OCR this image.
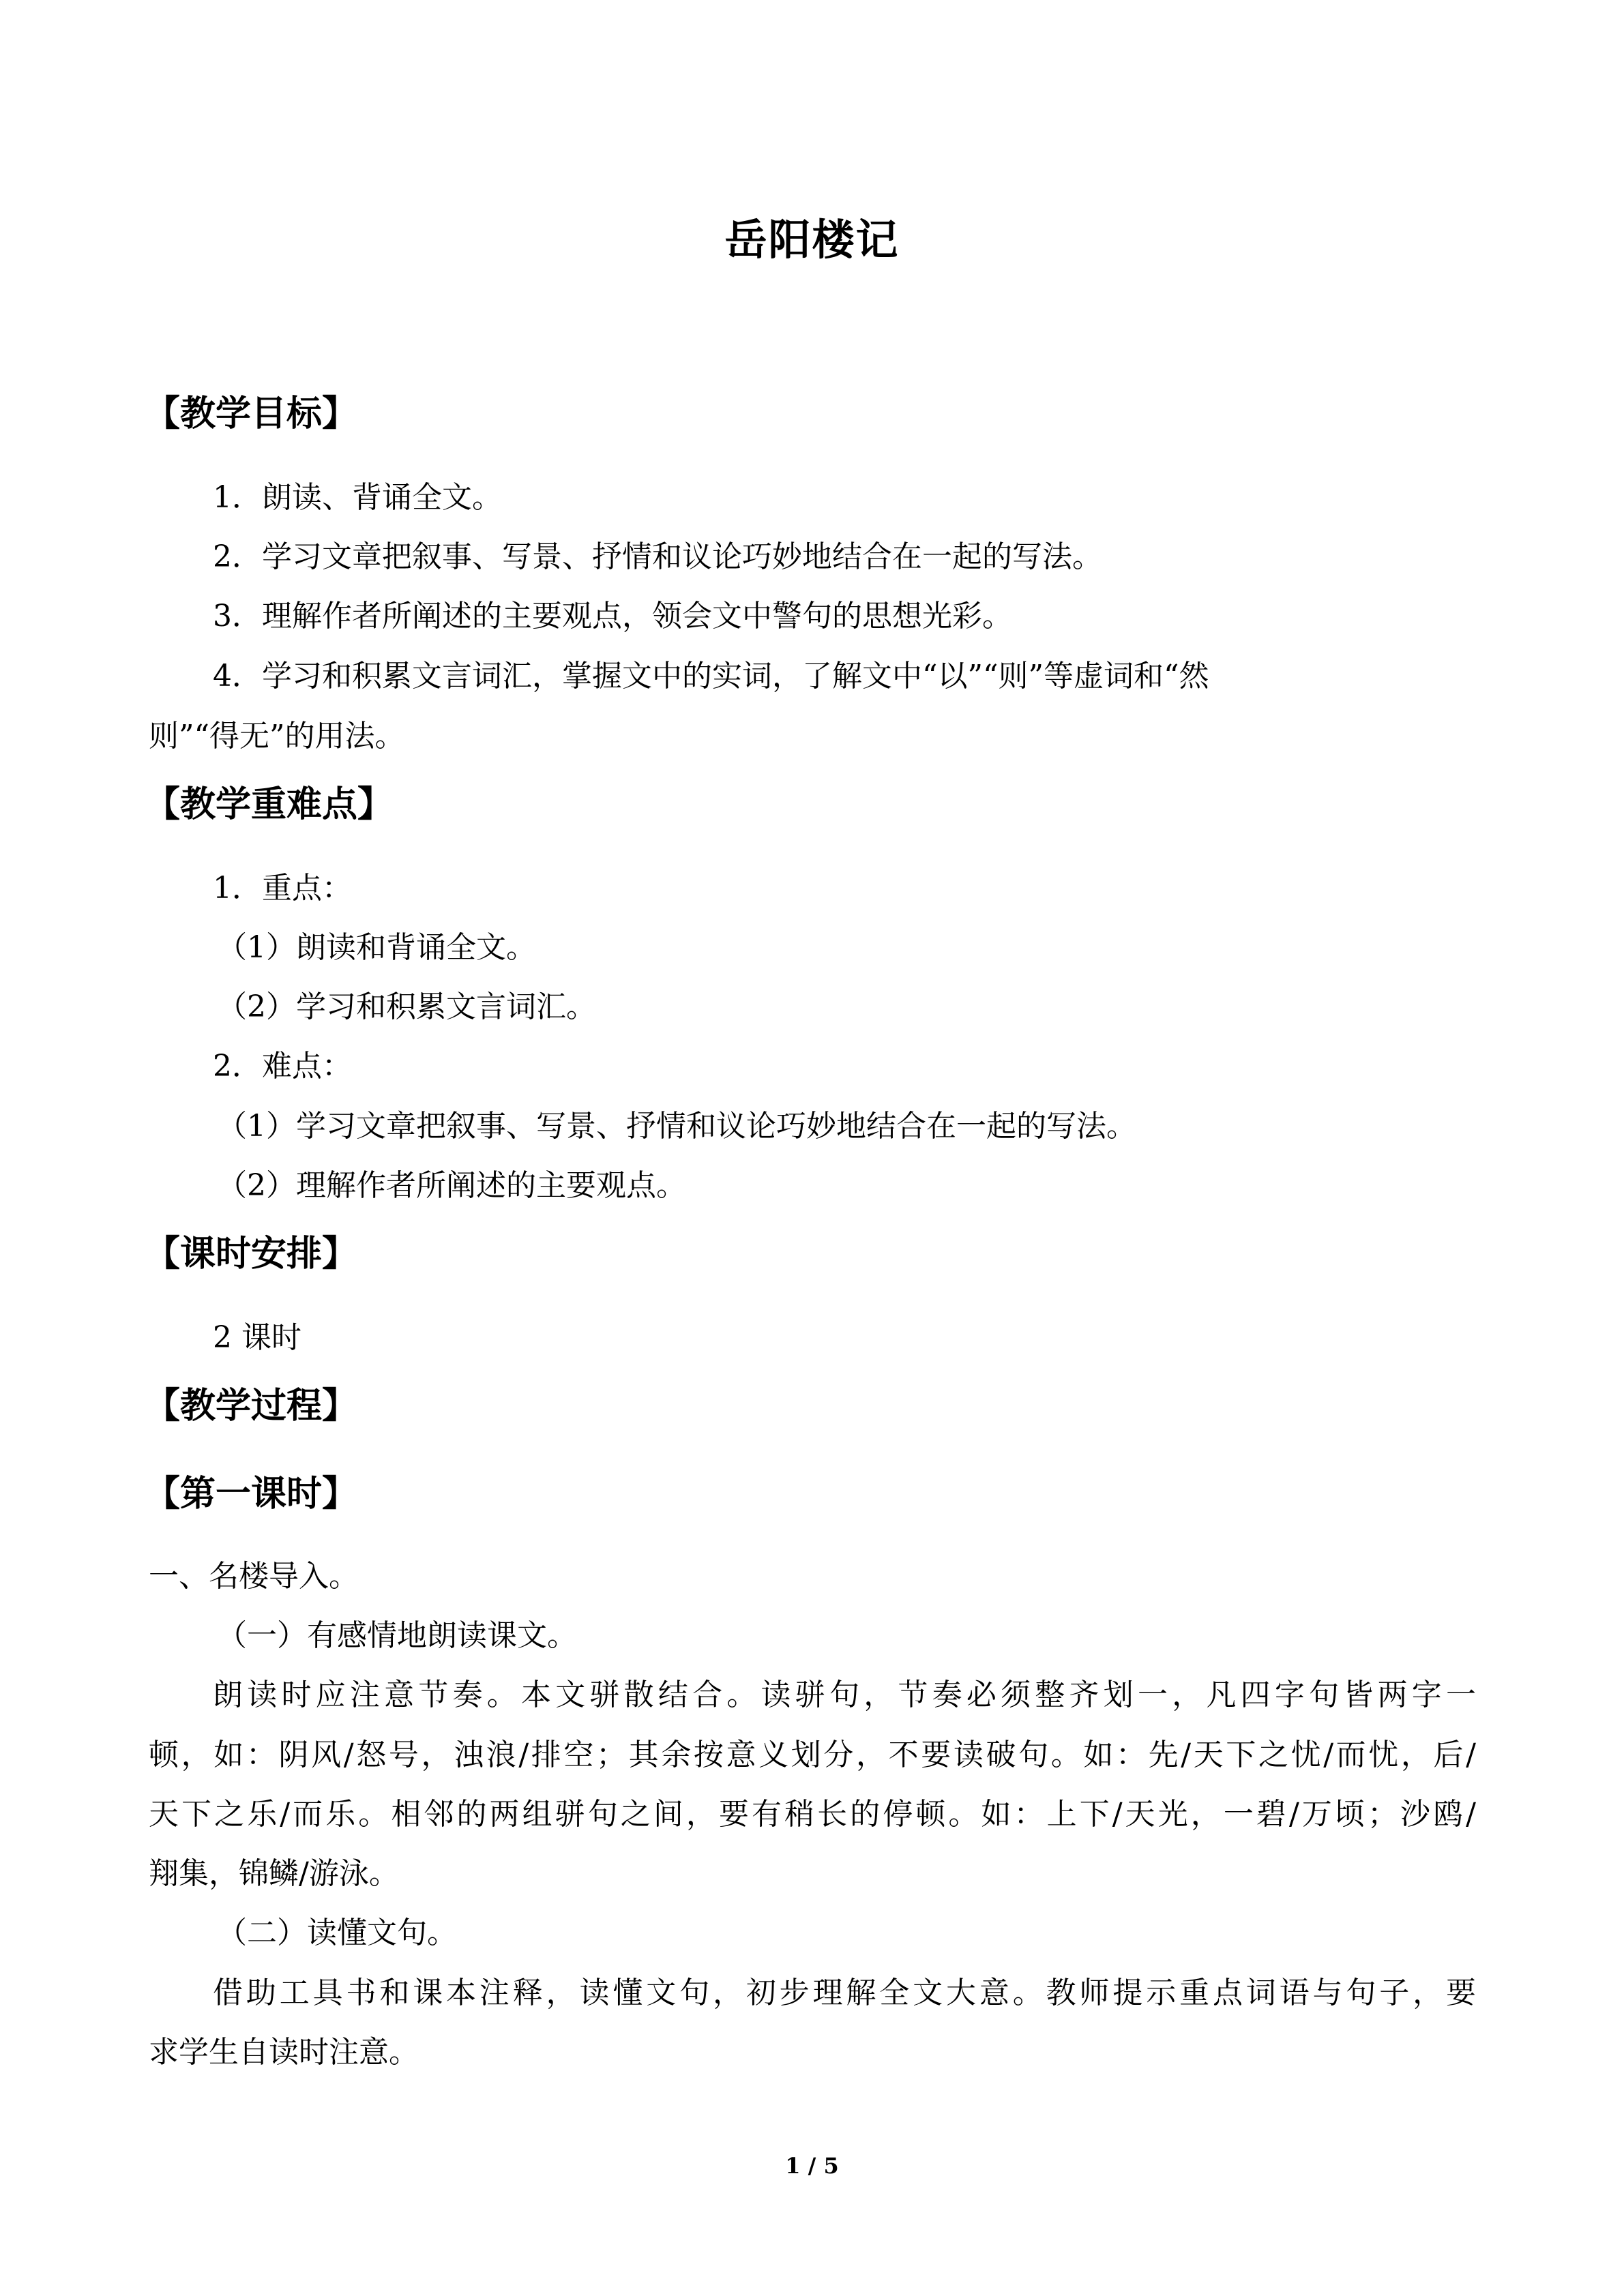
岳阳楼记
【教学目标】

1．朗读、背诵全文。

2．学习文章把叙事、写景、抒情和议论巧妙地结合在一起的写法。

3．理解作者所阐述的主要观点，领会文中警句的思想光彩。

4．学习和积累文言词汇，掌握文中的实词，了解文中“以”“则”等虚词和“然

则”“得无”的用法。

【教学重难点】

1．重点：

（1）朗读和背诵全文。

（2）学习和积累文言词汇。

2．难点：

（1）学习文章把叙事、写景、抒情和议论巧妙地结合在一起的写法。

（2）理解作者所阐述的主要观点。

【课时安排】

2 课时

【教学过程】
【第一课时】

一、名楼导入。

（一）有感情地朗读课文。

朗读时应注意节奏。本文骈散结合。读骈句，节奏必须整齐划一，凡四字句皆两字一

顿，如：阴风/怒号，浊浪/排空；其余按意义划分，不要读破句。如：先/天下之忧/而忧，后/

天下之乐/而乐。相邻的两组骈句之间，要有稍长的停顿。如：上下/天光，一碧/万顷；沙鸥/

翔集，锦鳞/游泳。

（二）读懂文句。

借助工具书和课本注释，读懂文句，初步理解全文大意。教师提示重点词语与句子，要

求学生自读时注意。

1 / 5
